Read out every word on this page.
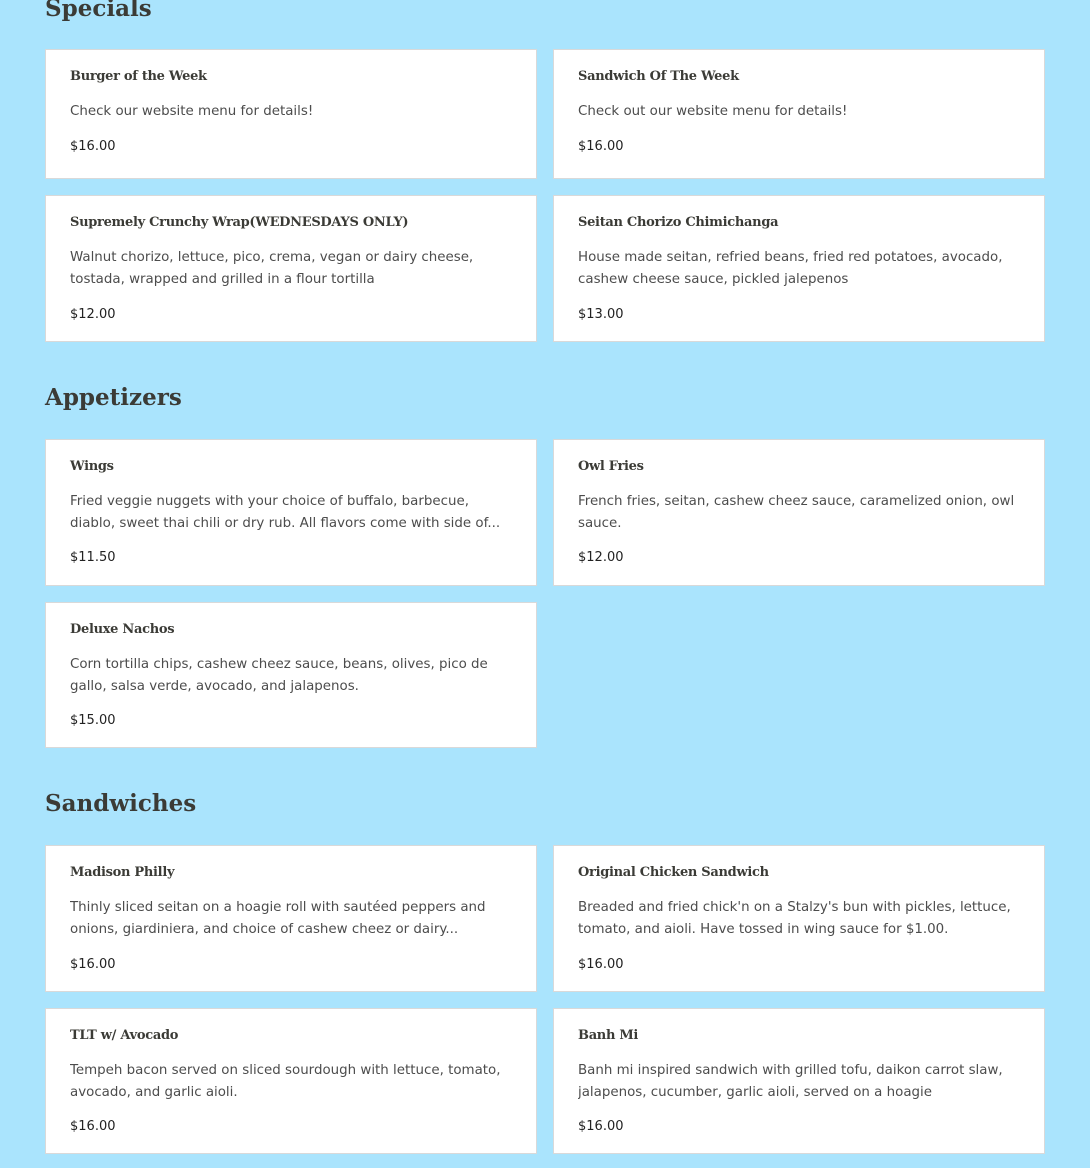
Specials
Burger of the Week
Check our website menu for details!
$16.00
Sandwich Of The Week
Check out our website menu for details!
$16.00
Supremely Crunchy Wrap(WEDNESDAYS ONLY)
Walnut chorizo, lettuce, pico, crema, vegan or dairy cheese, tostada, wrapped and grilled in a flour tortilla
$12.00
Seitan Chorizo Chimichanga
House made seitan, refried beans, fried red potatoes, avocado, cashew cheese sauce, pickled jalepenos
$13.00
Appetizers
Wings
Fried veggie nuggets with your choice of buffalo, barbecue, diablo, sweet thai chili or dry rub. All flavors come with side of...
$11.50
Owl Fries
French fries, seitan, cashew cheez sauce, caramelized onion, owl sauce.
$12.00
Deluxe Nachos
Corn tortilla chips, cashew cheez sauce, beans, olives, pico de gallo, salsa verde, avocado, and jalapenos.
$15.00
Sandwiches
Madison Philly
Thinly sliced seitan on a hoagie roll with sautéed peppers and onions, giardiniera, and choice of cashew cheez or dairy...
$16.00
Original Chicken Sandwich
Breaded and fried chick'n on a Stalzy's bun with pickles, lettuce, tomato, and aioli. Have tossed in wing sauce for $1.00.
$16.00
TLT w/ Avocado
Tempeh bacon served on sliced sourdough with lettuce, tomato, avocado, and garlic aioli.
$16.00
Banh Mi
Banh mi inspired sandwich with grilled tofu, daikon carrot slaw, jalapenos, cucumber, garlic aioli, served on a hoagie
$16.00
